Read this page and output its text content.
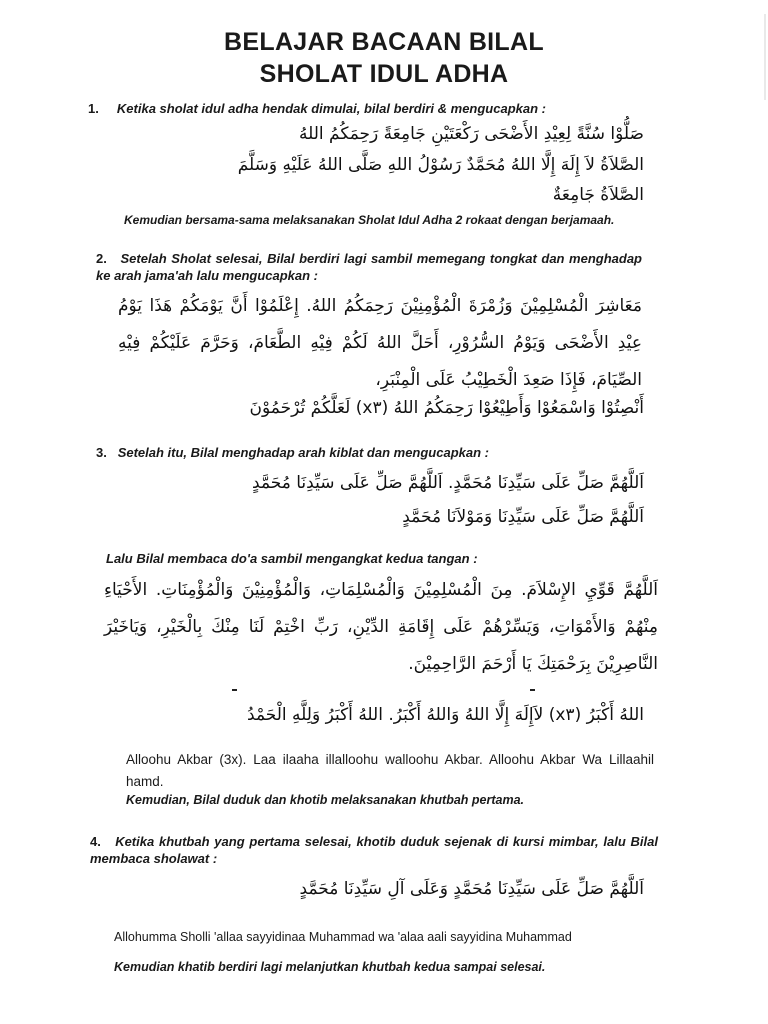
BELAJAR BACAAN BILAL
SHOLAT IDUL ADHA
1. Ketika sholat idul adha hendak dimulai, bilal berdiri & mengucapkan :
صَلُّوْا سُنَّةً لِعِيْدِ الأَضْحَى رَكْعَتَيْنِ جَامِعَةً رَحِمَكُمُ اللهُ
الصَّلاَةُ لاَ إِلَهَ إِلَّا اللهُ مُحَمَّدٌ رَسُوْلُ اللهِ صَلَّى اللهُ عَلَيْهِ وَسَلَّمَ
الصَّلاَةُ جَامِعَةٌ
Kemudian bersama-sama melaksanakan Sholat Idul Adha 2 rokaat dengan berjamaah.
2. Setelah Sholat selesai, Bilal berdiri lagi sambil memegang tongkat dan menghadap ke arah jama'ah lalu mengucapkan :
مَعَاشِرَ الْمُسْلِمِيْنَ وَزُمْرَةَ الْمُؤْمِنِيْنَ رَحِمَكُمُ اللهُ. إِعْلَمُوْا أَنَّ يَوْمَكُمْ هَذَا يَوْمُ عِيْدِ الأَضْحَى وَيَوْمُ السُّرُوْرِ، أَحَلَّ اللهُ لَكُمْ فِيْهِ الطَّعَامَ، وَحَرَّمَ عَلَيْكُمْ فِيْهِ الصِّيَامَ، فَإِذَا صَعِدَ الْخَطِيْبُ عَلَى الْمِنْبَرِ،
أَنْصِتُوْا وَاسْمَعُوْا وَأَطِيْعُوْا رَحِمَكُمُ اللهُ (x٣) لَعَلَّكُمْ تُرْحَمُوْنَ
3. Setelah itu, Bilal menghadap arah kiblat dan mengucapkan :
اَللَّهُمَّ صَلِّ عَلَى سَيِّدِنَا مُحَمَّدٍ. اَللَّهُمَّ صَلِّ عَلَى سَيِّدِنَا مُحَمَّدٍ
اَللَّهُمَّ صَلِّ عَلَى سَيِّدِنَا وَمَوْلاَنَا مُحَمَّدٍ
Lalu Bilal membaca do'a sambil mengangkat kedua tangan :
اَللَّهُمَّ قَوِّيِ الإِسْلاَمَ. مِنَ الْمُسْلِمِيْنَ وَالْمُسْلِمَاتِ، وَالْمُؤْمِنِيْنَ وَالْمُؤْمِنَاتِ. الأَحْيَاءِ مِنْهُمْ وَالأَمْوَاتِ، وَيَسِّرْهُمْ عَلَى إِقَامَةِ الدِّيْنِ، رَبِّ اخْتِمْ لَنَا مِنْكَ بِالْخَيْرِ، وَيَاخَيْرَ النَّاصِرِيْنَ بِرَحْمَتِكَ يَا أَرْحَمَ الرَّاحِمِيْنَ.
اللهُ أَكْبَرُ (x٣) لاَإِلَهَ إِلَّا اللهُ وَاللهُ أَكْبَرُ. اللهُ أَكْبَرُ وَلِلَّهِ الْحَمْدُ
Alloohu Akbar (3x). Laa ilaaha illalloohu walloohu Akbar. Alloohu Akbar Wa Lillaahil hamd.
Kemudian, Bilal duduk dan khotib melaksanakan khutbah pertama.
4. Ketika khutbah yang pertama selesai, khotib duduk sejenak di kursi mimbar, lalu Bilal membaca sholawat :
اَللَّهُمَّ صَلِّ عَلَى سَيِّدِنَا مُحَمَّدٍ وَعَلَى آلِ سَيِّدِنَا مُحَمَّدٍ
Allohumma Sholli 'allaa sayyidinaa Muhammad wa 'alaa aali sayyidina Muhammad
Kemudian khatib berdiri lagi melanjutkan khutbah kedua sampai selesai.
